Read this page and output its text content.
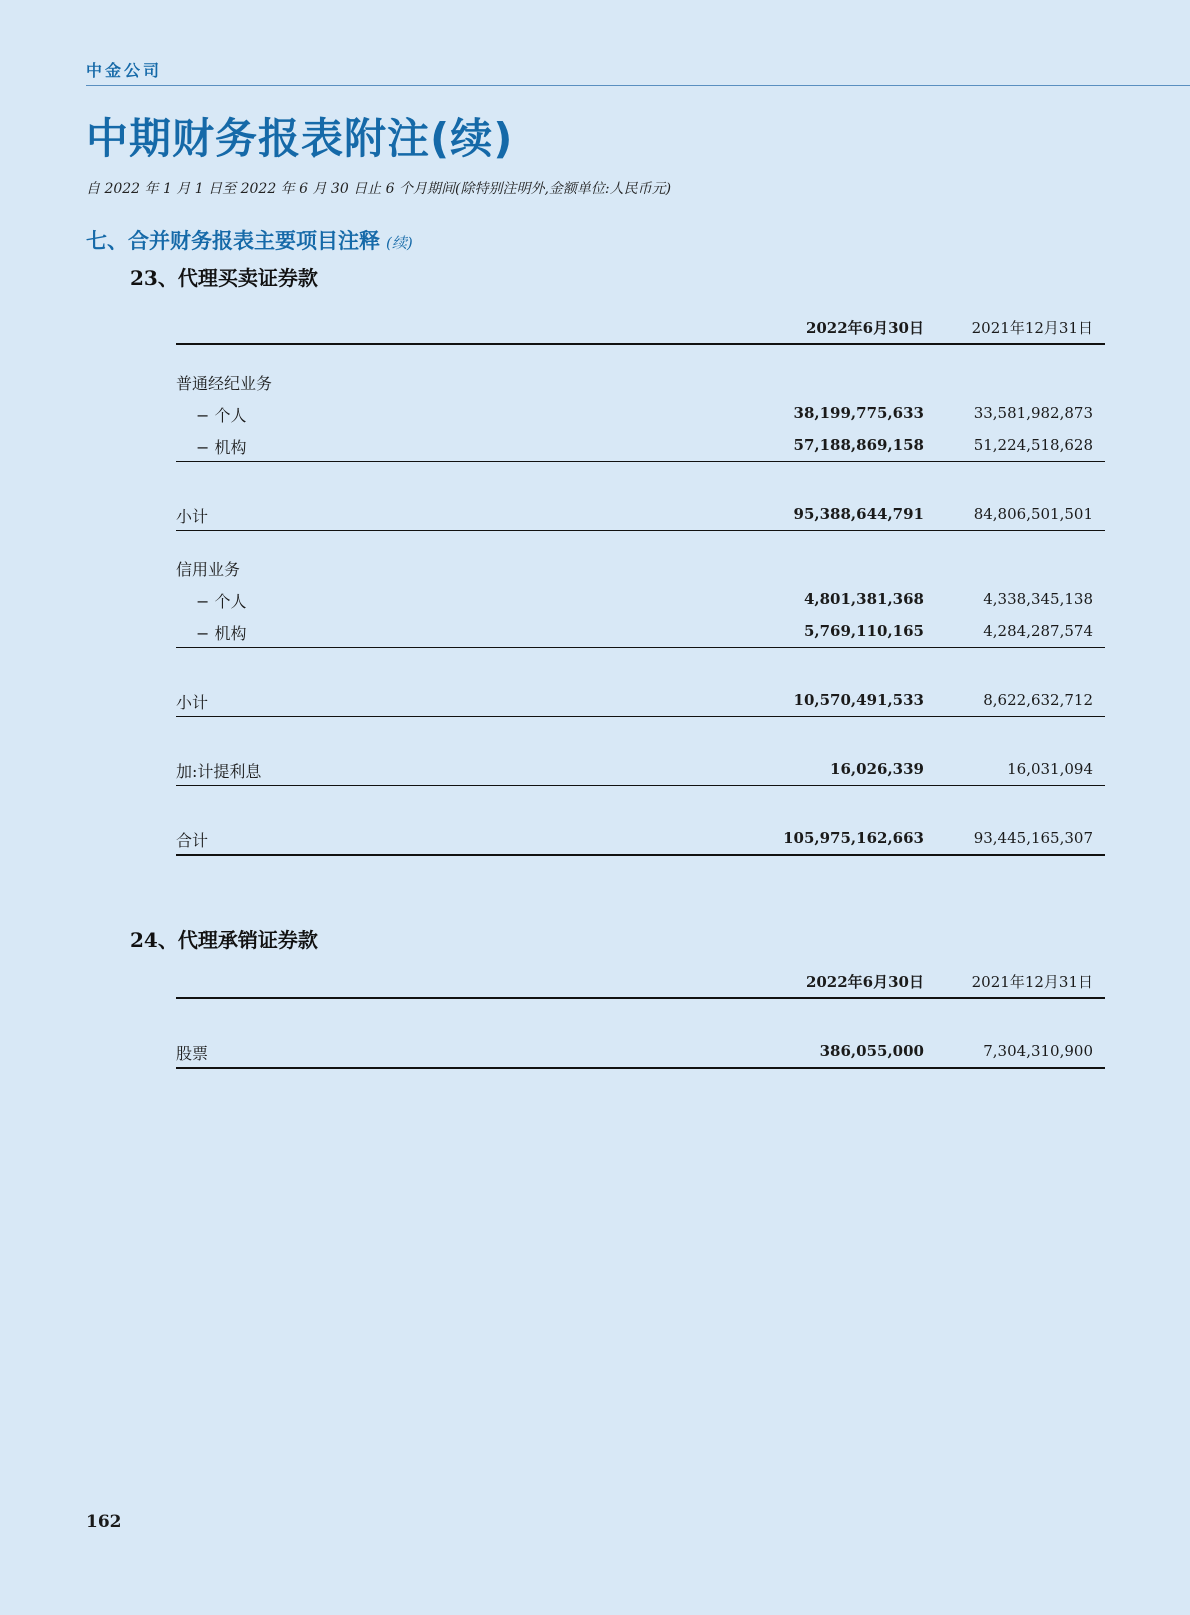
中金公司
中期财务报表附注(续)
自 2022 年 1 月 1 日至 2022 年 6 月 30 日止 6 个月期间(除特别注明外,金额单位:人民币元)
七、合并财务报表主要项目注释 (续)
23、代理买卖证券款
2022年6月30日	2021年12月31日
普通经纪业务
− 个人	38,199,775,633	33,581,982,873
− 机构	57,188,869,158	51,224,518,628
小计	95,388,644,791	84,806,501,501
信用业务
− 个人	4,801,381,368	4,338,345,138
− 机构	5,769,110,165	4,284,287,574
小计	10,570,491,533	8,622,632,712
加:计提利息	16,026,339	16,031,094
合计	105,975,162,663	93,445,165,307
24、代理承销证券款
2022年6月30日	2021年12月31日
股票	386,055,000	7,304,310,900
162
